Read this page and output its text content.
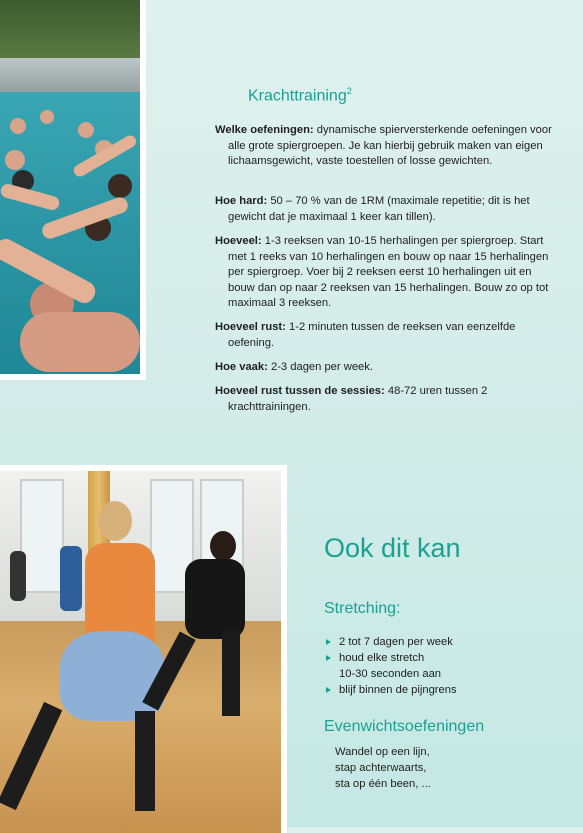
Krachttraining$^2$

Welke oefeningen: dynamische spierversterkende oefeningen voor alle grote spiergroepen. Je kan hierbij gebruik maken van eigen lichaamsgewicht, vaste toestellen of losse gewichten.

Hoe hard: 50 – 70 % van de 1RM (maximale repetitie; dit is het gewicht dat je maximaal 1 keer kan tillen).

Hoeveel: 1-3 reeksen van 10-15 herhalingen per spiergroep. Start met 1 reeks van 10 herhalingen en bouw op naar 15 herhalingen per spiergroep. Voer bij 2 reeksen eerst 10 herhalingen uit en bouw dan op naar 2 reeksen van 15 herhalingen. Bouw zo op tot maximaal 3 reeksen.

Hoeveel rust: 1-2 minuten tussen de reeksen van eenzelfde oefening.

Hoe vaak: 2-3 dagen per week.

Hoeveel rust tussen de sessies: 48-72 uren tussen 2 krachttrainingen.

Ook dit kan
Stretching:
2 tot 7 dagen per week
houd elke stretch
10-30 seconden aan
blijf binnen de pijngrens
Evenwichtsoefeningen
Wandel op een lijn,
stap achterwaarts,
sta op één been, ...
